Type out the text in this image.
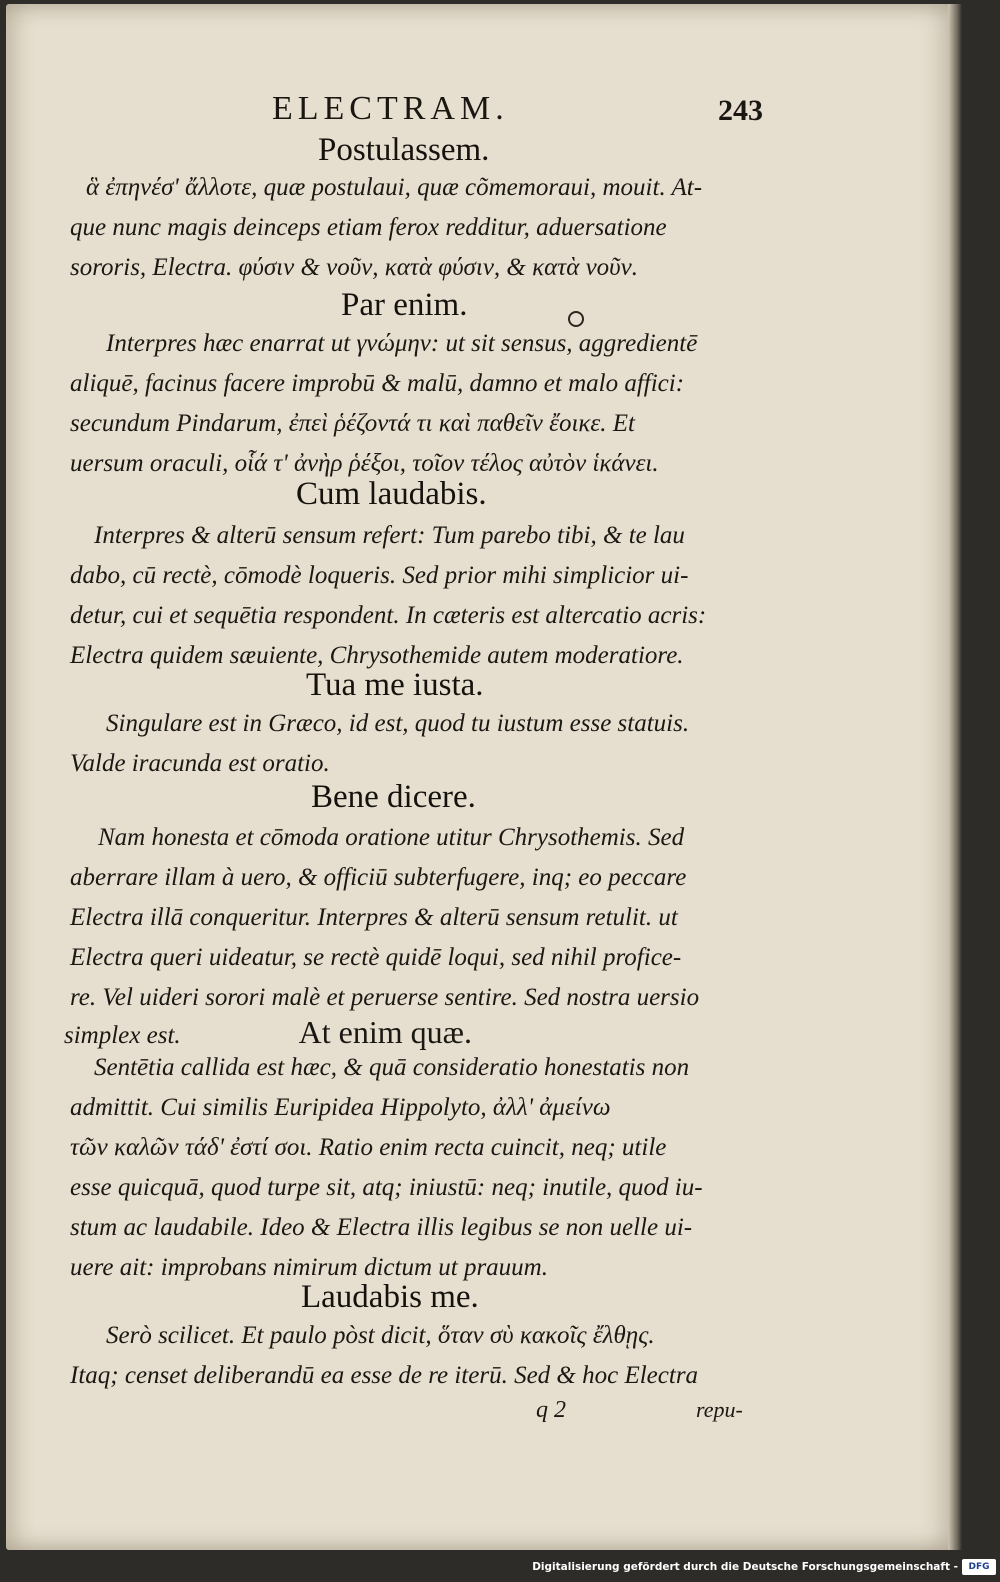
ELECTRAM.	243
Postulassem.
ἃ ἐπηνέσ' ἄλλοτε, quæ postulaui, quæ cõmemoraui, mouit. At-
que nunc magis deinceps etiam ferox redditur, aduersatione
sororis, Electra. φύσιν & νοῦν, κατὰ φύσιν, & κατὰ νοῦν.
Par enim.
Interpres hæc enarrat ut γνώμην: ut sit sensus, aggredientē
aliquē, facinus facere improbū & malū, damno et malo affici:
secundum Pindarum, ἐπεὶ ῥέζοντά τι καὶ παθεῖν ἔοικε. Et
uersum oraculi, οἷά τ' ἀνὴρ ῥέξοι, τοῖον τέλος αὐτὸν ἱκάνει.
Cum laudabis.
Interpres & alterū sensum refert: Tum parebo tibi, & te lau
dabo, cū rectè, cōmodè loqueris. Sed prior mihi simplicior ui-
detur, cui et sequētia respondent. In cæteris est altercatio acris:
Electra quidem sæuiente, Chrysothemide autem moderatiore.
Tua me iusta.
Singulare est in Græco, id est, quod tu iustum esse statuis.
Valde iracunda est oratio.
Bene dicere.
Nam honesta et cōmoda oratione utitur Chrysothemis. Sed
aberrare illam à uero, & officiū subterfugere, inq; eo peccare
Electra illā conqueritur. Interpres & alterū sensum retulit. ut
Electra queri uideatur, se rectè quidē loqui, sed nihil profice-
re. Vel uideri sorori malè et peruerse sentire. Sed nostra uersio
simplex est.	At enim quæ.
Sentētia callida est hæc, & quā consideratio honestatis non
admittit. Cui similis Euripidea Hippolyto, ἀλλ' ἀμείνω
τῶν καλῶν τάδ' ἐστί σοι. Ratio enim recta cuincit, neq; utile
esse quicquā, quod turpe sit, atq; iniustū: neq; inutile, quod iu-
stum ac laudabile. Ideo & Electra illis legibus se non uelle ui-
uere ait: improbans nimirum dictum ut prauum.
Laudabis me.
Serò scilicet. Et paulo pòst dicit, ὅταν σὺ κακοῖς ἔλθῃς.
Itaq; censet deliberandū ea esse de re iterū. Sed & hoc Electra
q 2	repu-
Digitalisierung gefördert durch die Deutsche Forschungsgemeinschaft -	DFG
